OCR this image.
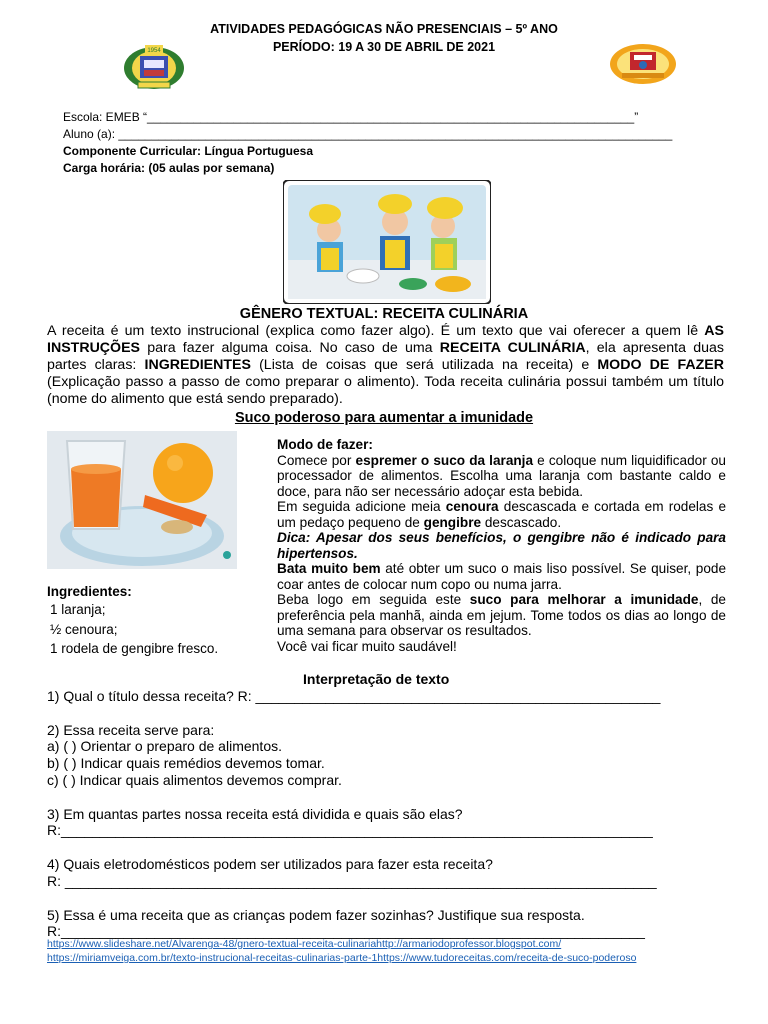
ATIVIDADES PEDAGÓGICAS NÃO PRESENCIAIS – 5º ANO
PERÍODO: 19 A 30 DE ABRIL DE 2021
1954
Escola: EMEB “_________________________________________________________________________”
Aluno (a): ___________________________________________________________________________________
Componente Curricular: Língua Portuguesa
Carga horária: (05 aulas por semana)
GÊNERO TEXTUAL: RECEITA CULINÁRIA
A receita é um texto instrucional (explica como fazer algo). É um texto que vai oferecer a quem lê AS INSTRUÇÕES para fazer alguma coisa. No caso de uma RECEITA CULINÁRIA, ela apresenta duas partes claras: INGREDIENTES (Lista de coisas que será utilizada na receita) e MODO DE FAZER (Explicação passo a passo de como preparar o alimento). Toda receita culinária possui também um título (nome do alimento que está sendo preparado).
Suco poderoso para aumentar a imunidade
Ingredientes:
1 laranja;
½ cenoura;
1 rodela de gengibre fresco.
Modo de fazer:
Comece por espremer o suco da laranja e coloque num liquidificador ou processador de alimentos. Escolha uma laranja com bastante caldo e doce, para não ser necessário adoçar esta bebida.
Em seguida adicione meia cenoura descascada e cortada em rodelas e um pedaço pequeno de gengibre descascado.
Dica: Apesar dos seus benefícios, o gengibre não é indicado para hipertensos.
Bata muito bem até obter um suco o mais liso possível. Se quiser, pode coar antes de colocar num copo ou numa jarra.
Beba logo em seguida este suco para melhorar a imunidade, de preferência pela manhã, ainda em jejum. Tome todos os dias ao longo de uma semana para observar os resultados.
Você vai ficar muito saudável!
Interpretação de texto
1) Qual o título dessa receita? R: ____________________________________________________
2) Essa receita serve para:
a) ( ) Orientar o preparo de alimentos.
b) ( ) Indicar quais remédios devemos tomar.
c) ( ) Indicar quais alimentos devemos comprar.
3) Em quantas partes nossa receita está dividida e quais são elas?
R:____________________________________________________________________________
4) Quais eletrodomésticos podem ser utilizados para fazer esta receita?
R: ____________________________________________________________________________
5) Essa é uma receita que as crianças podem fazer sozinhas? Justifique sua resposta.
R:___________________________________________________________________________
https://www.slideshare.net/Alvarenga-48/gnero-textual-receita-culinariahttp://armariodoprofessor.blogspot.com/
https://miriamveiga.com.br/texto-instrucional-receitas-culinarias-parte-1https://www.tudoreceitas.com/receita-de-suco-poderoso
